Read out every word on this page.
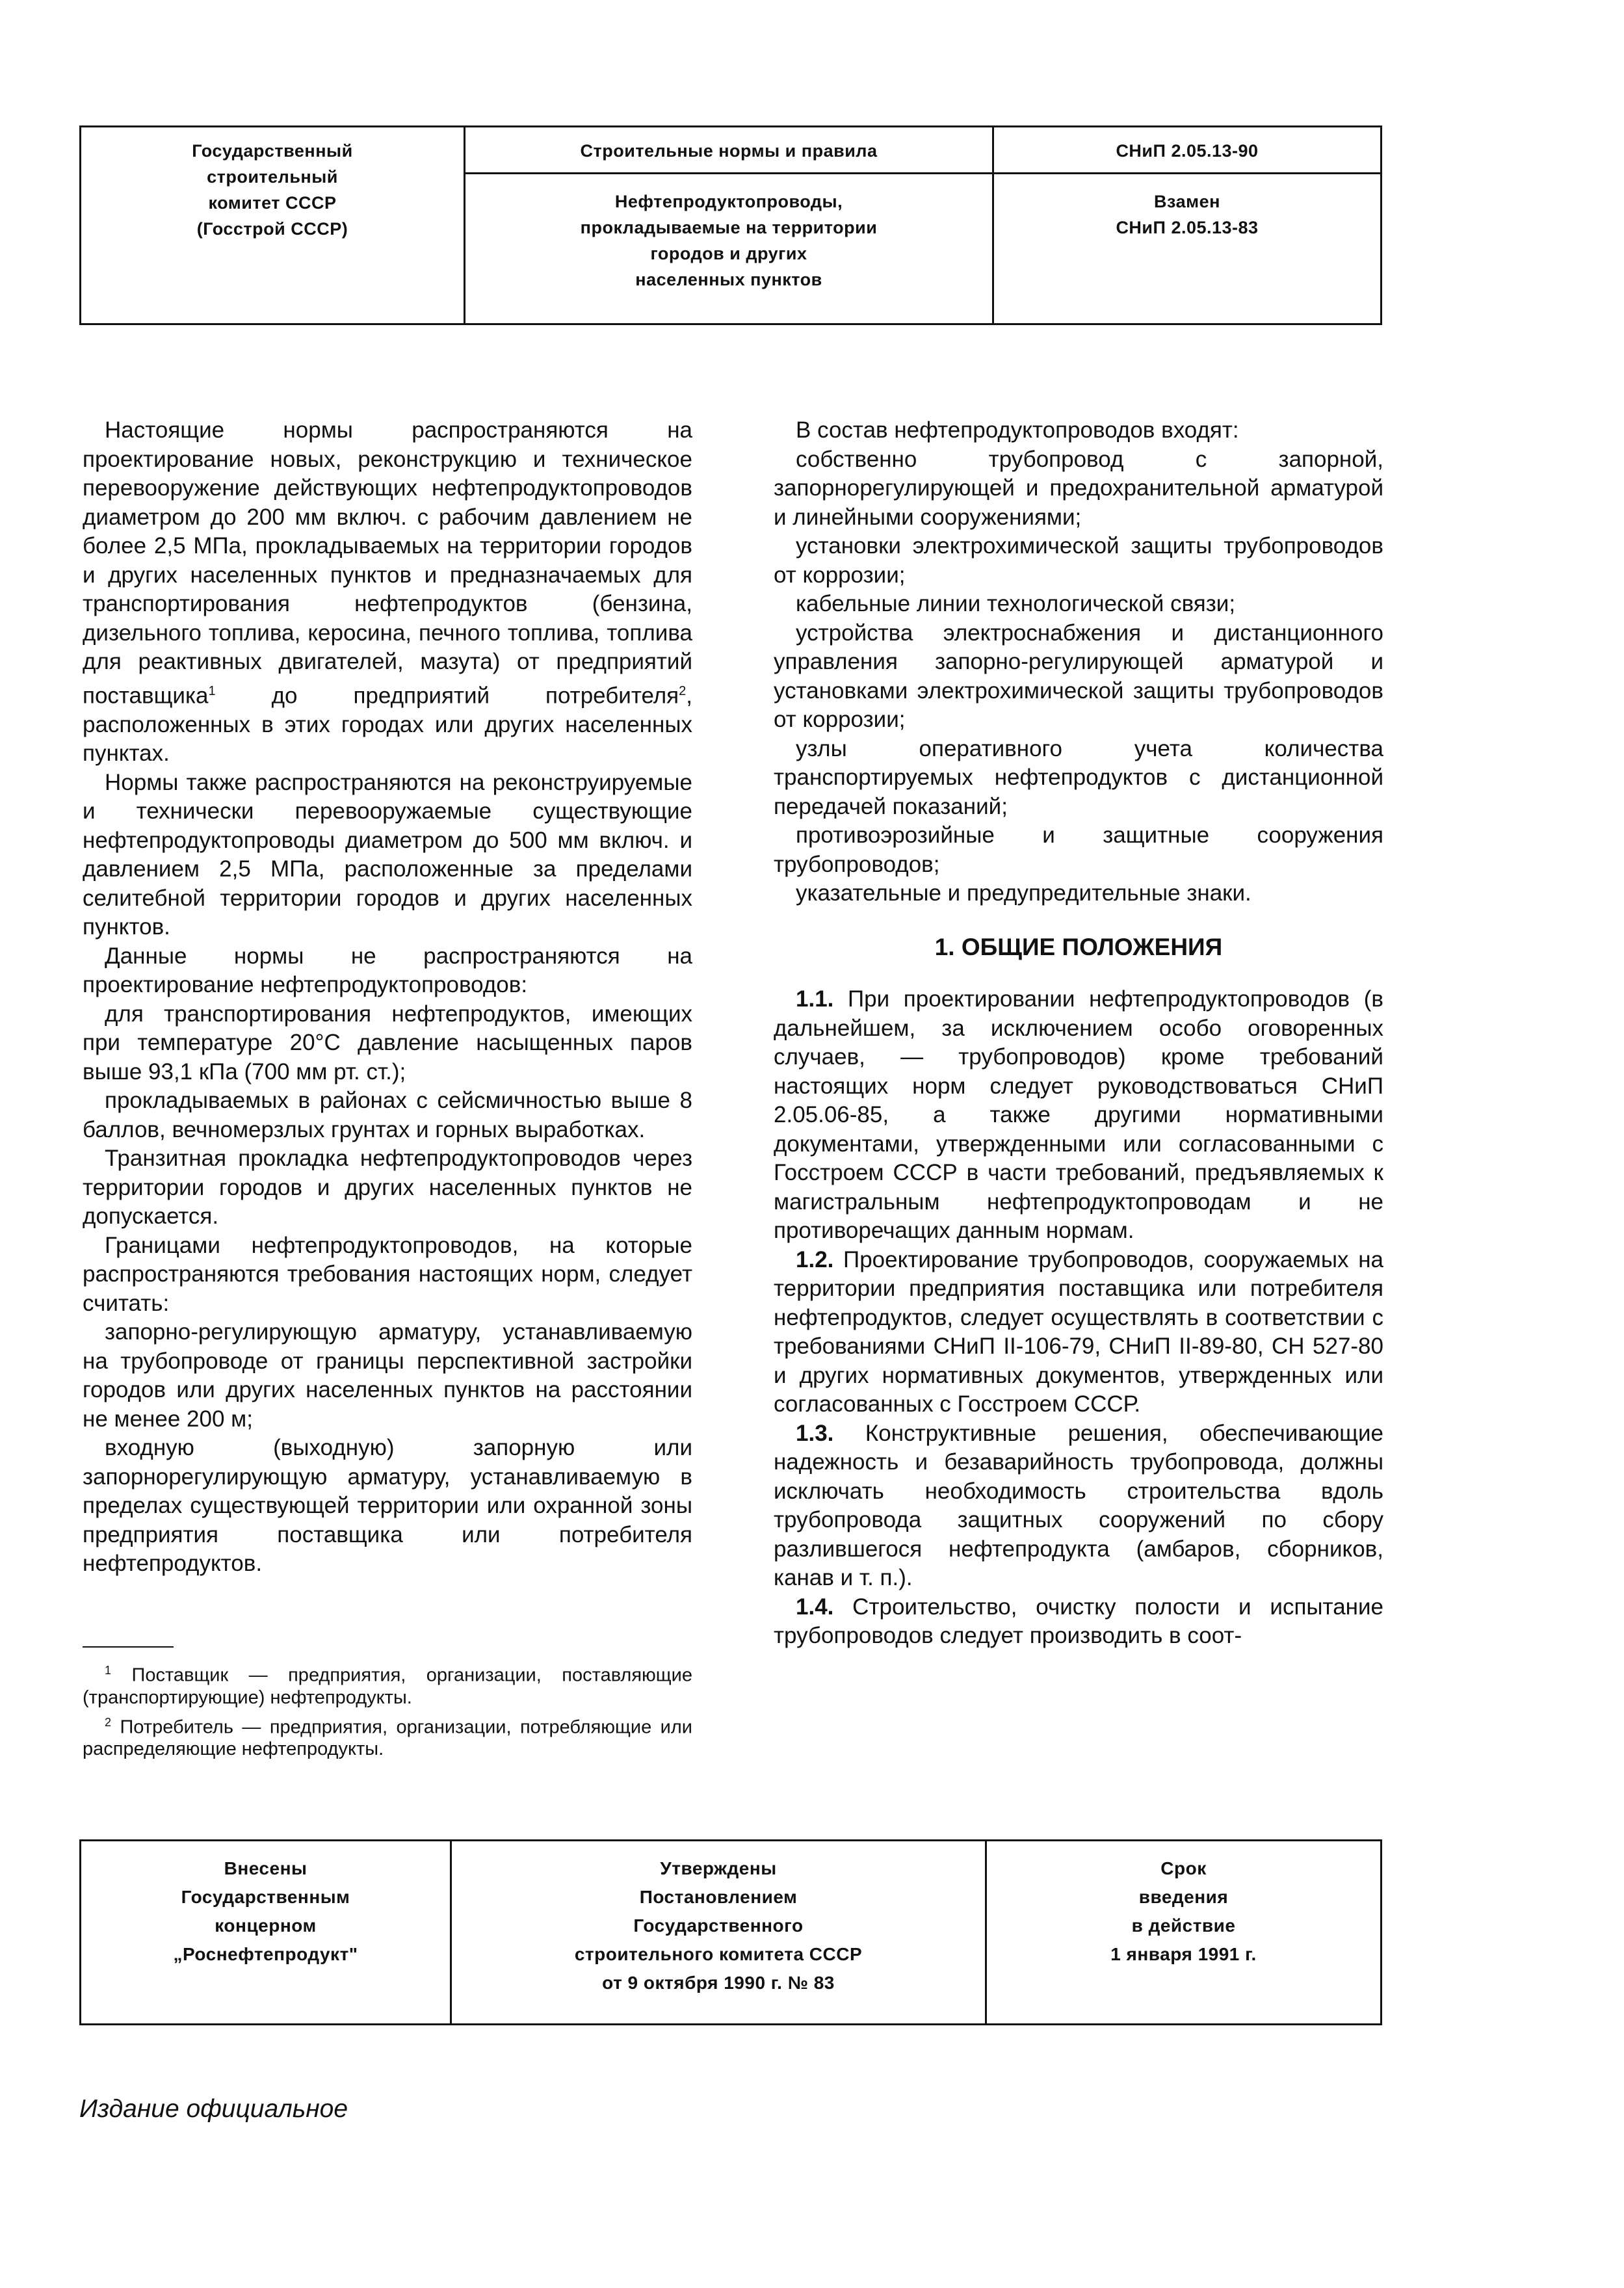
Государственный
строительный
комитет СССР
(Госстрой СССР)
Строительные нормы и правила
Нефтепродуктопроводы,
прокладываемые на территории
городов и других
населенных пунктов
СНиП 2.05.13-90
Взамен
СНиП 2.05.13-83

Настоящие нормы распространяются на проектирование новых, реконструкцию и техническое перевооружение действующих нефтепродуктопроводов диаметром до 200 мм включ. с рабочим давлением не более 2,5 МПа, прокладываемых на территории городов и других населенных пунктов и предназначаемых для транспортирования нефтепродуктов (бензина, дизельного топлива, керосина, печного топлива, топлива для реактивных двигателей, мазута) от предприятий поставщика$^1$ до предприятий потребителя$^2$, расположенных в этих городах или других населенных пунктах.

Нормы также распространяются на реконструируемые и технически перевооружаемые существующие нефтепродуктопроводы диаметром до 500 мм включ. и давлением 2,5 МПа, расположенные за пределами селитебной территории городов и других населенных пунктов.

Данные нормы не распространяются на проектирование нефтепродуктопроводов:

для транспортирования нефтепродуктов, имеющих при температуре 20°С давление насыщенных паров выше 93,1 кПа (700 мм рт. ст.);

прокладываемых в районах с сейсмичностью выше 8 баллов, вечномерзлых грунтах и горных выработках.

Транзитная прокладка нефтепродуктопроводов через территории городов и других населенных пунктов не допускается.

Границами нефтепродуктопроводов, на которые распространяются требования настоящих норм, следует считать:

запорно-регулирующую арматуру, устанавливаемую на трубопроводе от границы перспективной застройки городов или других населенных пунктов на расстоянии не менее 200 м;

входную (выходную) запорную или запорнорегулирующую арматуру, устанавливаемую в пределах существующей территории или охранной зоны предприятия поставщика или потребителя нефтепродуктов.

$^1$ Поставщик — предприятия, организации, поставляющие (транспортирующие) нефтепродукты.

$^2$ Потребитель — предприятия, организации, потребляющие или распределяющие нефтепродукты.

В состав нефтепродуктопроводов входят:

собственно трубопровод с запорной, запорнорегулирующей и предохранительной арматурой и линейными сооружениями;

установки электрохимической защиты трубопроводов от коррозии;

кабельные линии технологической связи;

устройства электроснабжения и дистанционного управления запорно-регулирующей арматурой и установками электрохимической защиты трубопроводов от коррозии;

узлы оперативного учета количества транспортируемых нефтепродуктов с дистанционной передачей показаний;

противоэрозийные и защитные сооружения трубопроводов;

указательные и предупредительные знаки.

1. ОБЩИЕ ПОЛОЖЕНИЯ

1.1. При проектировании нефтепродуктопроводов (в дальнейшем, за исключением особо оговоренных случаев, — трубопроводов) кроме требований настоящих норм следует руководствоваться СНиП 2.05.06-85, а также другими нормативными документами, утвержденными или согласованными с Госстроем СССР в части требований, предъявляемых к магистральным нефтепродуктопроводам и не противоречащих данным нормам.

1.2. Проектирование трубопроводов, сооружаемых на территории предприятия поставщика или потребителя нефтепродуктов, следует осуществлять в соответствии с требованиями СНиП II-106-79, СНиП II-89-80, СН 527-80 и других нормативных документов, утвержденных или согласованных с Госстроем СССР.

1.3. Конструктивные решения, обеспечивающие надежность и безаварийность трубопровода, должны исключать необходимость строительства вдоль трубопровода защитных сооружений по сбору разлившегося нефтепродукта (амбаров, сборников, канав и т. п.).

1.4. Строительство, очистку полости и испытание трубопроводов следует производить в соот-

Внесены
Государственным
концерном
„Роснефтепродукт"
Утверждены
Постановлением
Государственного
строительного комитета СССР
от 9 октября 1990 г. № 83
Срок
введения
в действие
1 января 1991 г.
Издание официальное
